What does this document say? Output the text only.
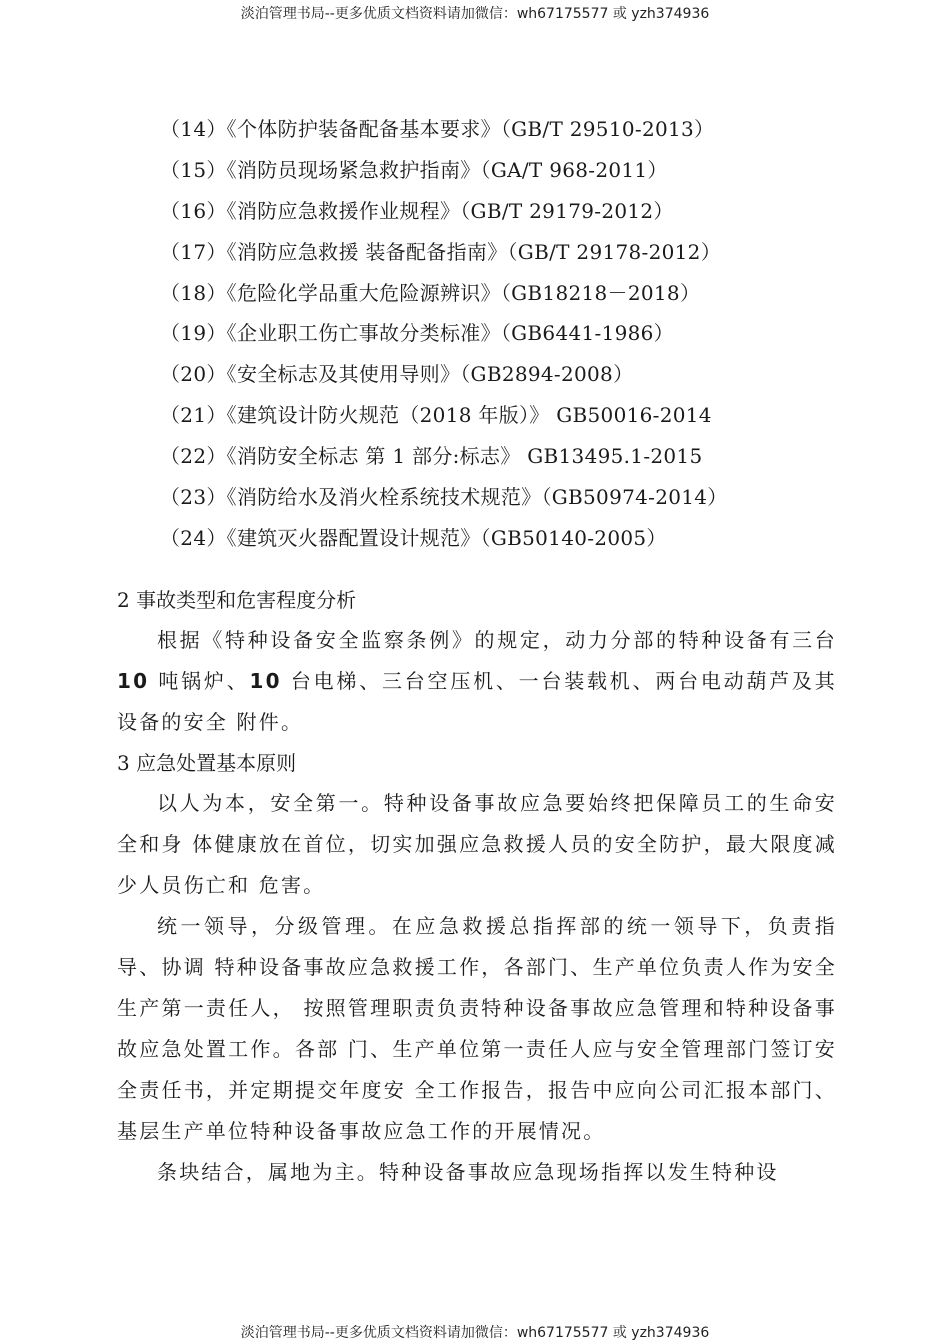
淡泊管理书局--更多优质文档资料请加微信：wh67175577 或 yzh374936
（14）《个体防护装备配备基本要求》（GB/T 29510-2013）
（15）《消防员现场紧急救护指南》（GA/T 968-2011）
（16）《消防应急救援作业规程》（GB/T 29179-2012）
（17）《消防应急救援 装备配备指南》（GB/T 29178-2012）
（18）《危险化学品重大危险源辨识》（GB18218－2018）
（19）《企业职工伤亡事故分类标准》（GB6441-1986）
（20）《安全标志及其使用导则》（GB2894-2008）
（21）《建筑设计防火规范（2018 年版）》 GB50016-2014
（22）《消防安全标志 第 1 部分:标志》 GB13495.1-2015
（23）《消防给水及消火栓系统技术规范》（GB50974-2014）
（24）《建筑灭火器配置设计规范》（GB50140-2005）
2 事故类型和危害程度分析
根据《特种设备安全监察条例》的规定，动力分部的特种设备有三台10 吨锅炉、10 台电梯、三台空压机、一台装载机、两台电动葫芦及其设备的安全 附件。
3 应急处置基本原则
以人为本，安全第一。特种设备事故应急要始终把保障员工的生命安全和身 体健康放在首位，切实加强应急救援人员的安全防护，最大限度减少人员伤亡和 危害。
统一领导，分级管理。在应急救援总指挥部的统一领导下，负责指导、协调 特种设备事故应急救援工作，各部门、生产单位负责人作为安全生产第一责任人， 按照管理职责负责特种设备事故应急管理和特种设备事故应急处置工作。各部 门、生产单位第一责任人应与安全管理部门签订安全责任书，并定期提交年度安 全工作报告，报告中应向公司汇报本部门、基层生产单位特种设备事故应急工作的开展情况。
条块结合，属地为主。特种设备事故应急现场指挥以发生特种设
淡泊管理书局--更多优质文档资料请加微信：wh67175577 或 yzh374936
